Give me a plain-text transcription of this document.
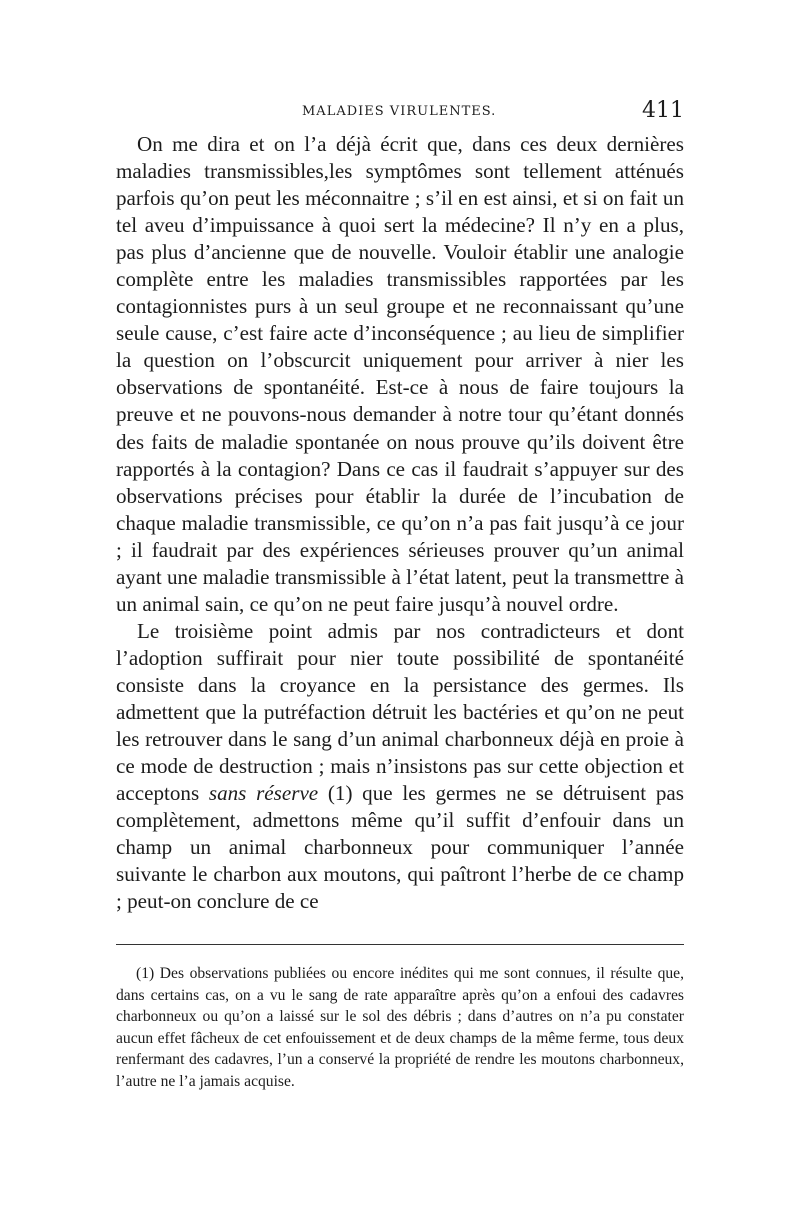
MALADIES VIRULENTES.	411

On me dira et on l’a déjà écrit que, dans ces deux dernières maladies transmissibles,les symptômes sont tellement atténués parfois qu’on peut les méconnaitre ; s’il en est ainsi, et si on fait un tel aveu d’impuissance à quoi sert la médecine? Il n’y en a plus, pas plus d’ancienne que de nouvelle. Vouloir établir une analogie complète entre les maladies transmissibles rapportées par les contagionnistes purs à un seul groupe et ne reconnaissant qu’une seule cause, c’est faire acte d’inconséquence ; au lieu de simplifier la question on l’obscurcit uniquement pour arriver à nier les observations de spontanéité. Est-ce à nous de faire toujours la preuve et ne pouvons-nous demander à notre tour qu’étant donnés des faits de maladie spontanée on nous prouve qu’ils doivent être rapportés à la contagion? Dans ce cas il faudrait s’appuyer sur des observations précises pour établir la durée de l’incubation de chaque maladie transmissible, ce qu’on n’a pas fait jusqu’à ce jour ; il faudrait par des expériences sérieuses prouver qu’un animal ayant une maladie transmissible à l’état latent, peut la transmettre à un animal sain, ce qu’on ne peut faire jusqu’à nouvel ordre.

Le troisième point admis par nos contradicteurs et dont l’adoption suffirait pour nier toute possibilité de spontanéité consiste dans la croyance en la persistance des germes. Ils admettent que la putréfaction détruit les bactéries et qu’on ne peut les retrouver dans le sang d’un animal charbonneux déjà en proie à ce mode de destruction ; mais n’insistons pas sur cette objection et acceptons sans réserve (1) que les germes ne se détruisent pas complètement, admettons même qu’il suffit d’enfouir dans un champ un animal charbonneux pour communiquer l’année suivante le charbon aux moutons, qui paîtront l’herbe de ce champ ; peut-on conclure de ce

(1) Des observations publiées ou encore inédites qui me sont connues, il résulte que, dans certains cas, on a vu le sang de rate apparaître après qu’on a enfoui des cadavres charbonneux ou qu’on a laissé sur le sol des débris ; dans d’autres on n’a pu constater aucun effet fâcheux de cet enfouissement et de deux champs de la même ferme, tous deux renfermant des cadavres, l’un a conservé la propriété de rendre les moutons charbonneux, l’autre ne l’a jamais acquise.
